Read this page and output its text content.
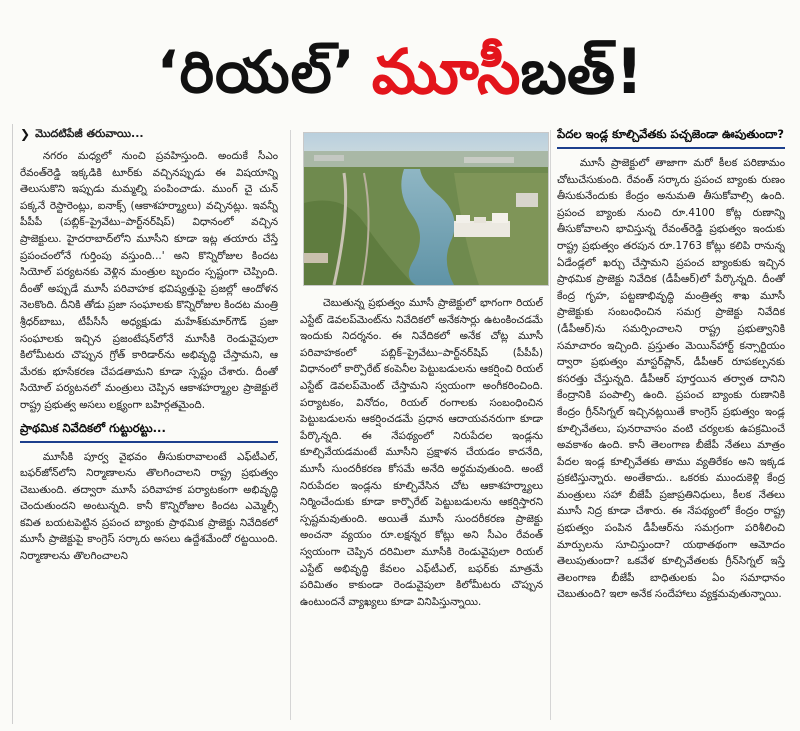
‘రియల్’ మూసీ బత్!
❯ మొదటిపేజీ తరువాయి...

నగరం మధ్యలో నుంచి ప్రవహిస్తుంది. అందుకే సీఎం రేవంత్‌రెడ్డి ఇక్కడికి టూర్‌కు వచ్చినప్పుడు ఈ విషయాన్ని తెలుసుకొని ఇప్పుడు మమ్మల్ని పంపించాడు. ముంగ్ చై చున్ పక్కనే రెస్టారెంట్లు, ఐనాక్స్ (ఆకాశహర్మ్యాలు) వచ్చినట్లు. ఇవన్నీ పీపీపీ (పబ్లిక్–ప్రైవేటు–పార్ట్‌నర్‌షిప్) విధానంలో వచ్చిన ప్రాజెక్టులు. హైదరాబాద్‌లోని మూసీని కూడా ఇట్ల తయారు చేస్తే ప్రపంచంలోనే గుర్తింపు వస్తుంది...' అని కొన్నిరోజుల కిందట సియోల్ పర్యటనకు వెళ్లిన మంత్రుల బృందం స్పష్టంగా చెప్పింది. దీంతో అప్పుడే మూసీ పరివాహక భవిష్యత్తుపై ప్రజల్లో ఆందోళన నెలకొంది. దీనికి తోడు ప్రజా సంఘాలకు కొన్నిరోజుల కిందట మంత్రి శ్రీధర్‌బాబు, టీపీసీసీ అధ్యక్షుడు మహేశ్‌కుమార్‌గౌడ్ ప్రజా సంఘాలకు ఇచ్చిన ప్రజంటేషన్‌లోనే మూసీకి రెండువైపులా కిలోమీటరు చొప్పున గ్రోత్ కారిడార్‌ను అభివృద్ధి చేస్తామని, ఆ మేరకు భూసేకరణ చేపడతామని కూడా స్పష్టం చేశారు. దీంతో సియోల్ పర్యటనలో మంత్రులు చెప్పిన ఆకాశహర్మ్యాల ప్రాజెక్టులే రాష్ట్ర ప్రభుత్వ అసలు లక్ష్యంగా బహిర్గతమైంది.

ప్రాథమిక నివేదికలో గుట్టురట్టు...

మూసీకి పూర్వ వైభవం తీసుకురావాలంటే ఎఫ్‌టీఎల్, బఫర్‌జోన్‌లోని నిర్మాణాలను తొలగించాలని రాష్ట్ర ప్రభుత్వం చెబుతుంది. తద్వారా మూసీ పరివాహక పర్యాటకంగా అభివృద్ధి చెందుతుందని అంటున్నది. కానీ కొన్నిరోజుల కిందట ఎమ్మెల్సీ కవిత బయటపెట్టిన ప్రపంచ బ్యాంకు ప్రాథమిక ప్రాజెక్టు నివేదికలో మూసీ ప్రాజెక్టుపై కాంగ్రెస్ సర్కారు అసలు ఉద్దేశమేందో రట్టయింది. నిర్మాణాలను తొలగించాలని

చెబుతున్న ప్రభుత్వం మూసీ ప్రాజెక్టులో భాగంగా రియల్ ఎస్టేట్ డెవలప్‌మెంట్‌ను నివేదికలో అనేకసార్లు ఉటంకించడమే ఇందుకు నిదర్శనం. ఈ నివేదికలో అనేక చోట్ల మూసీ పరివాహకంలో పబ్లిక్–ప్రైవేటు–పార్ట్‌నర్‌షిప్ (పీపీపీ) విధానంలో కార్పొరేట్ కంపెనీల పెట్టుబడులను ఆకర్షించి రియల్ ఎస్టేట్ డెవలప్‌మెంట్ చేస్తామని స్వయంగా అంగీకరించింది. పర్యాటకం, వినోదం, రియల్ రంగాలకు సంబంధించిన పెట్టుబడులను ఆకర్షించడమే ప్రధాన ఆదాయవనరుగా కూడా పేర్కొన్నది. ఈ నేపథ్యంలో నిరుపేదల ఇండ్లను కూల్చివేయడమంటే మూసీని ప్రక్షాళన చేయడం కాదనేది, మూసీ సుందరీకరణ కోసమే అనేది అర్థమవుతుంది. అంటే నిరుపేదల ఇండ్లను కూల్చివేసిన చోట ఆకాశహర్మ్యాలు నిర్మించేందుకు కూడా కార్పొరేట్ పెట్టుబడులను ఆకర్షిస్తారని స్పష్టమవుతుంది. అయితే మూసీ సుందరీకరణ ప్రాజెక్టు అంచనా వ్యయం రూ.లక్షన్నర కోట్లు అని సీఎం రేవంత్ స్వయంగా చెప్పిన దరిమిలా మూసీకి రెండువైపులా రియల్ ఎస్టేట్ అభివృద్ధి కేవలం ఎఫ్‌టీఎల్, బఫర్‌కు మాత్రమే పరిమితం కాకుండా రెండువైపులా కిలోమీటరు చొప్పున ఉంటుందనే వ్యాఖ్యలు కూడా వినిపిస్తున్నాయి.

పేదల ఇండ్ల కూల్చివేతకు పచ్చజెండా ఊపుతుందా?

మూసీ ప్రాజెక్టులో తాజాగా మరో కీలక పరిణామం చోటుచేసుకుంది. రేవంత్ సర్కారు ప్రపంచ బ్యాంకు రుణం తీసుకునేందుకు కేంద్రం అనుమతి తీసుకోవాల్సి ఉంది. ప్రపంచ బ్యాంకు నుంచి రూ.4100 కోట్ల రుణాన్ని తీసుకోవాలని భావిస్తున్న రేవంత్‌రెడ్డి ప్రభుత్వం ఇందుకు రాష్ట్ర ప్రభుత్వం తరపున రూ.1763 కోట్లు కలిపి రానున్న ఏడేండ్లలో ఖర్చు చేస్తామని ప్రపంచ బ్యాంకుకు ఇచ్చిన ప్రాథమిక ప్రాజెక్టు నివేదిక (డీపీఆర్)లో పేర్కొన్నది. దీంతో కేంద్ర గృహ, పట్టణాభివృద్ధి మంత్రిత్వ శాఖ మూసీ ప్రాజెక్టుకు సంబంధించిన సమగ్ర ప్రాజెక్టు నివేదిక (డీపీఆర్)ను సమర్పించాలని రాష్ట్ర ప్రభుత్వానికి సమాచారం ఇచ్చింది. ప్రస్తుతం మెయిన్‌హార్ట్ కన్సార్టియం ద్వారా ప్రభుత్వం మాస్టర్‌ప్లాన్, డీపీఆర్ రూపకల్పనకు కసరత్తు చేస్తున్నది. డీపీఆర్ పూర్తయిన తర్వాత దానిని కేంద్రానికి పంపాల్సి ఉంది. ప్రపంచ బ్యాంకు రుణానికి కేంద్రం గ్రీన్‌సిగ్నల్ ఇచ్చినట్లయితే కాంగ్రెస్ ప్రభుత్వం ఇండ్ల కూల్చివేతలు, పునరావాసం వంటి చర్యలకు ఉపక్రమించే అవకాశం ఉంది. కానీ తెలంగాణ బీజేపీ నేతలు మాత్రం పేదల ఇండ్ల కూల్చివేతకు తాము వ్యతిరేకం అని ఇక్కడ ప్రకటిస్తున్నారు. అంతేకాదు.. ఒకరకు ముందుకెళ్లి కేంద్ర మంత్రులు సహా బీజేపీ ప్రజాప్రతినిధులు, కీలక నేతలు మూసీ నిద్ర కూడా చేశారు. ఈ నేపథ్యంలో కేంద్రం రాష్ట్ర ప్రభుత్వం పంపిన డీపీఆర్‌ను సమగ్రంగా పరిశీలించి మార్పులను సూచిస్తుందా? యథాతథంగా ఆమోదం తెలుపుతుందా? ఒకవేళ కూల్చివేతలకు గ్రీన్‌సిగ్నల్ ఇస్తే తెలంగాణ బీజేపీ బాధితులకు ఏం సమాధానం చెబుతుంది? ఇలా అనేక సందేహాలు వ్యక్తమవుతున్నాయి.
